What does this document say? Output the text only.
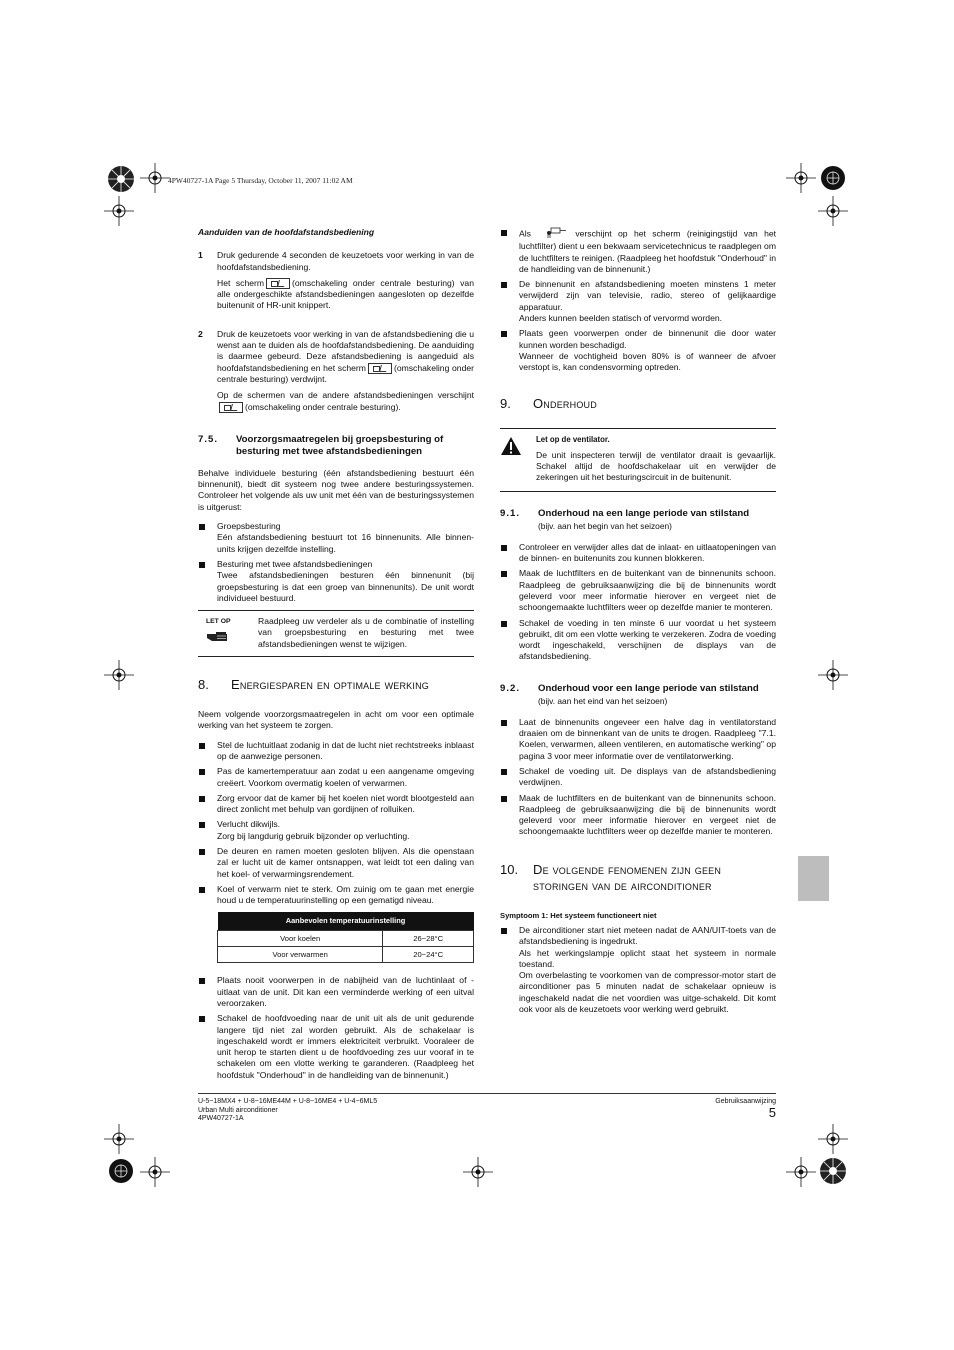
4PW40727-1A Page 5 Thursday, October 11, 2007 11:02 AM
Aanduiden van de hoofdafstandsbediening
1	Druk gedurende 4 seconden de keuzetoets voor werking in van de hoofdafstandsbediening.

Het scherm	(omschakeling onder centrale besturing) van alle ondergeschikte afstandsbedieningen aangesloten op dezelfde buitenunit of HR-unit knippert.

2	Druk de keuzetoets voor werking in van de afstandsbediening die u wenst aan te duiden als de hoofdafstandsbediening. De aanduiding is daarmee gebeurd. Deze afstandsbediening is aangeduid als hoofdafstandsbediening en het scherm	(omschakeling onder centrale besturing) verdwijnt.

Op de schermen van de andere afstandsbedieningen verschijnt(omschakeling onder centrale besturing).

7.5.	Voorzorgsmaatregelen bij groepsbesturing of besturing met twee afstandsbedieningen

Behalve individuele besturing (één afstandsbediening bestuurt één binnenunit), biedt dit systeem nog twee andere besturingssystemen. Controleer het volgende als uw unit met één van de besturingssystemen is uitgerust:

Groepsbesturing
Eén afstandsbediening bestuurt tot 16 binnenunits. Alle binnen-units krijgen dezelfde instelling.
Besturing met twee afstandsbedieningen
Twee afstandsbedieningen besturen één binnenunit (bij groepsbesturing is dat een groep van binnenunits). De unit wordt individueel bestuurd.
LET OP	Raadpleeg uw verdeler als u de combinatie of instelling van groepsbesturing en besturing met twee afstandsbedieningen wenst te wijzigen.

8.	Energiesparen en optimale werking

Neem volgende voorzorgsmaatregelen in acht om voor een optimale werking van het systeem te zorgen.

Stel de luchtuitlaat zodanig in dat de lucht niet rechtstreeks inblaast op de aanwezige personen.
Pas de kamertemperatuur aan zodat u een aangename omgeving creëert. Voorkom overmatig koelen of verwarmen.
Zorg ervoor dat de kamer bij het koelen niet wordt blootgesteld aan direct zonlicht met behulp van gordijnen of rolluiken.
Verlucht dikwijls.
Zorg bij langdurig gebruik bijzonder op verluchting.
De deuren en ramen moeten gesloten blijven. Als die openstaan zal er lucht uit de kamer ontsnappen, wat leidt tot een daling van het koel- of verwarmingsrendement.
Koel of verwarm niet te sterk. Om zuinig om te gaan met energie houd u de temperatuurinstelling op een gematigd niveau.
Aanbevolen temperatuurinstelling	
Voor koelen	26~28°C
Voor verwarmen	20~24°C
Plaats nooit voorwerpen in de nabijheid van de luchtinlaat of -uitlaat van de unit. Dit kan een verminderde werking of een uitval veroorzaken.
Schakel de hoofdvoeding naar de unit uit als de unit gedurende langere tijd niet zal worden gebruikt. Als de schakelaar is ingeschakeld wordt er immers elektriciteit verbruikt. Vooraleer de unit herop te starten dient u de hoofdvoeding zes uur vooraf in te schakelen om een vlotte werking te garanderen. (Raadpleeg het hoofdstuk "Onderhoud" in de handleiding van de binnenunit.)
Als	verschijnt op het scherm (reinigingstijd van het luchtfilter) dient u een bekwaam servicetechnicus te raadplegen om de luchtfilters te reinigen. (Raadpleeg het hoofdstuk "Onderhoud" in de handleiding van de binnenunit.)
De binnenunit en afstandsbediening moeten minstens 1 meter verwijderd zijn van televisie, radio, stereo of gelijkaardige apparatuur.
Anders kunnen beelden statisch of vervormd worden.
Plaats geen voorwerpen onder de binnenunit die door water kunnen worden beschadigd.
Wanneer de vochtigheid boven 80% is of wanneer de afvoer verstopt is, kan condensvorming optreden.
9.	Onderhoud
Let op de ventilator.

De unit inspecteren terwijl de ventilator draait is gevaarlijk. Schakel altijd de hoofdschakelaar uit en verwijder de zekeringen uit het besturingscircuit in de buitenunit.

9.1.	Onderhoud na een lange periode van stilstand
(bijv. aan het begin van het seizoen)
Controleer en verwijder alles dat de inlaat- en uitlaatopeningen van de binnen- en buitenunits zou kunnen blokkeren.
Maak de luchtfilters en de buitenkant van de binnenunits schoon. Raadpleeg de gebruiksaanwijzing die bij de binnenunits wordt geleverd voor meer informatie hierover en vergeet niet de schoongemaakte luchtfilters weer op dezelfde manier te monteren.
Schakel de voeding in ten minste 6 uur voordat u het systeem gebruikt, dit om een vlotte werking te verzekeren. Zodra de voeding wordt ingeschakeld, verschijnen de displays van de afstandsbediening.
9.2.	Onderhoud voor een lange periode van stilstand
(bijv. aan het eind van het seizoen)
Laat de binnenunits ongeveer een halve dag in ventilatorstand draaien om de binnenkant van de units te drogen. Raadpleeg "7.1. Koelen, verwarmen, alleen ventileren, en automatische werking" op pagina 3 voor meer informatie over de ventilatorwerking.
Schakel de voeding uit. De displays van de afstandsbediening verdwijnen.
Maak de luchtfilters en de buitenkant van de binnenunits schoon. Raadpleeg de gebruiksaanwijzing die bij de binnenunits wordt geleverd voor meer informatie hierover en vergeet niet de schoongemaakte luchtfilters weer op dezelfde manier te monteren.
10.	De volgende fenomenen zijn geen storingen van de airconditioner
Symptoom 1: Het systeem functioneert niet
De airconditioner start niet meteen nadat de AAN/UIT-toets van de afstandsbediening is ingedrukt.
Als het werkingslampje oplicht staat het systeem in normale toestand.
Om overbelasting te voorkomen van de compressor-motor start de airconditioner pas 5 minuten nadat de schakelaar opnieuw is ingeschakeld nadat die net voordien was uitge-schakeld. Dit komt ook voor als de keuzetoets voor werking werd gebruikt.
U-5~18MX4 + U-8~16ME44M + U-8~16ME4 + U-4~6ML5
Urban Multi airconditioner
4PW40727-1A
Gebruiksaanwijzing
5
